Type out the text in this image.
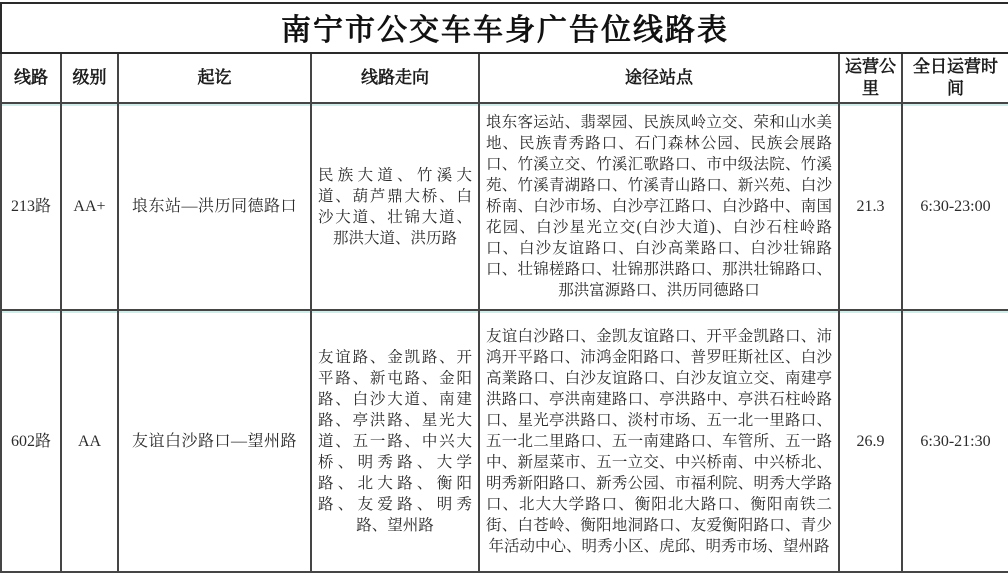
南宁市公交车车身广告位线路表						
线路	级别	起讫	线路走向	途径站点	运营公里	全日运营时间
213路	AA+	埌东站—洪历同德路口	民族大道、竹溪大道、葫芦鼎大桥、白沙大道、壮锦大道、那洪大道、洪历路	埌东客运站、翡翠园、民族凤岭立交、荣和山水美地、民族青秀路口、石门森林公园、民族会展路口、竹溪立交、竹溪汇歌路口、市中级法院、竹溪苑、竹溪青湖路口、竹溪青山路口、新兴苑、白沙桥南、白沙市场、白沙亭江路口、白沙路中、南国花园、白沙星光立交(白沙大道)、白沙石柱岭路口、白沙友谊路口、白沙高業路口、白沙壮锦路口、壮锦槎路口、壮锦那洪路口、那洪壮锦路口、那洪富源路口、洪历同德路口	21.3	6:30-23:00
602路	AA	友谊白沙路口—望州路	友谊路、金凯路、开平路、新屯路、金阳路、白沙大道、南建路、亭洪路、星光大道、五一路、中兴大桥、明秀路、大学路、北大路、衡阳路、友爱路、明秀路、望州路	友谊白沙路口、金凯友谊路口、开平金凯路口、沛鸿开平路口、沛鸿金阳路口、普罗旺斯社区、白沙高業路口、白沙友谊路口、白沙友谊立交、南建亭洪路口、亭洪南建路口、亭洪路中、亭洪石柱岭路口、星光亭洪路口、淡村市场、五一北一里路口、五一北二里路口、五一南建路口、车管所、五一路中、新屋菜市、五一立交、中兴桥南、中兴桥北、明秀新阳路口、新秀公园、市福利院、明秀大学路口、北大大学路口、衡阳北大路口、衡阳南铁二街、白苍岭、衡阳地洞路口、友爱衡阳路口、青少年活动中心、明秀小区、虎邱、明秀市场、望州路	26.9	6:30-21:30
